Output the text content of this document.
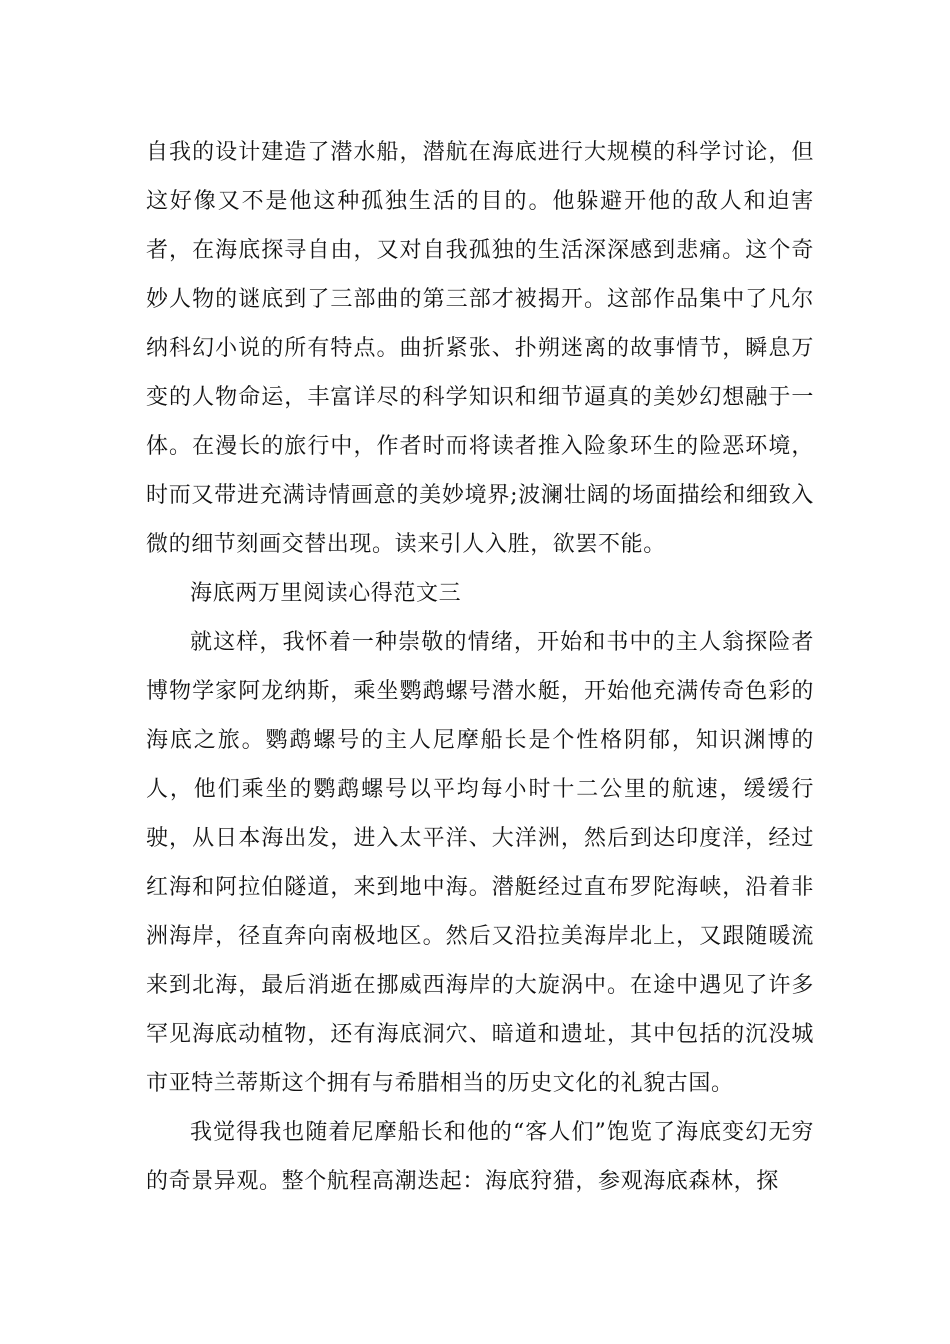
自我的设计建造了潜水船，潜航在海底进行大规模的科学讨论，但这好像又不是他这种孤独生活的目的。他躲避开他的敌人和迫害者，在海底探寻自由，又对自我孤独的生活深深感到悲痛。这个奇妙人物的谜底到了三部曲的第三部才被揭开。这部作品集中了凡尔纳科幻小说的所有特点。曲折紧张、扑朔迷离的故事情节，瞬息万变的人物命运，丰富详尽的科学知识和细节逼真的美妙幻想融于一体。在漫长的旅行中，作者时而将读者推入险象环生的险恶环境，时而又带进充满诗情画意的美妙境界;波澜壮阔的场面描绘和细致入微的细节刻画交替出现。读来引人入胜，欲罢不能。

海底两万里阅读心得范文三

就这样，我怀着一种崇敬的情绪，开始和书中的主人翁探险者博物学家阿龙纳斯，乘坐鹦鹉螺号潜水艇，开始他充满传奇色彩的海底之旅。鹦鹉螺号的主人尼摩船长是个性格阴郁，知识渊博的人，他们乘坐的鹦鹉螺号以平均每小时十二公里的航速，缓缓行驶，从日本海出发，进入太平洋、大洋洲，然后到达印度洋，经过红海和阿拉伯隧道，来到地中海。潜艇经过直布罗陀海峡，沿着非洲海岸，径直奔向南极地区。然后又沿拉美海岸北上，又跟随暖流来到北海，最后消逝在挪威西海岸的大旋涡中。在途中遇见了许多罕见海底动植物，还有海底洞穴、暗道和遗址，其中包括的沉没城市亚特兰蒂斯这个拥有与希腊相当的历史文化的礼貌古国。

我觉得我也随着尼摩船长和他的“客人们”饱览了海底变幻无穷的奇景异观。整个航程高潮迭起：海底狩猎，参观海底森林，探
